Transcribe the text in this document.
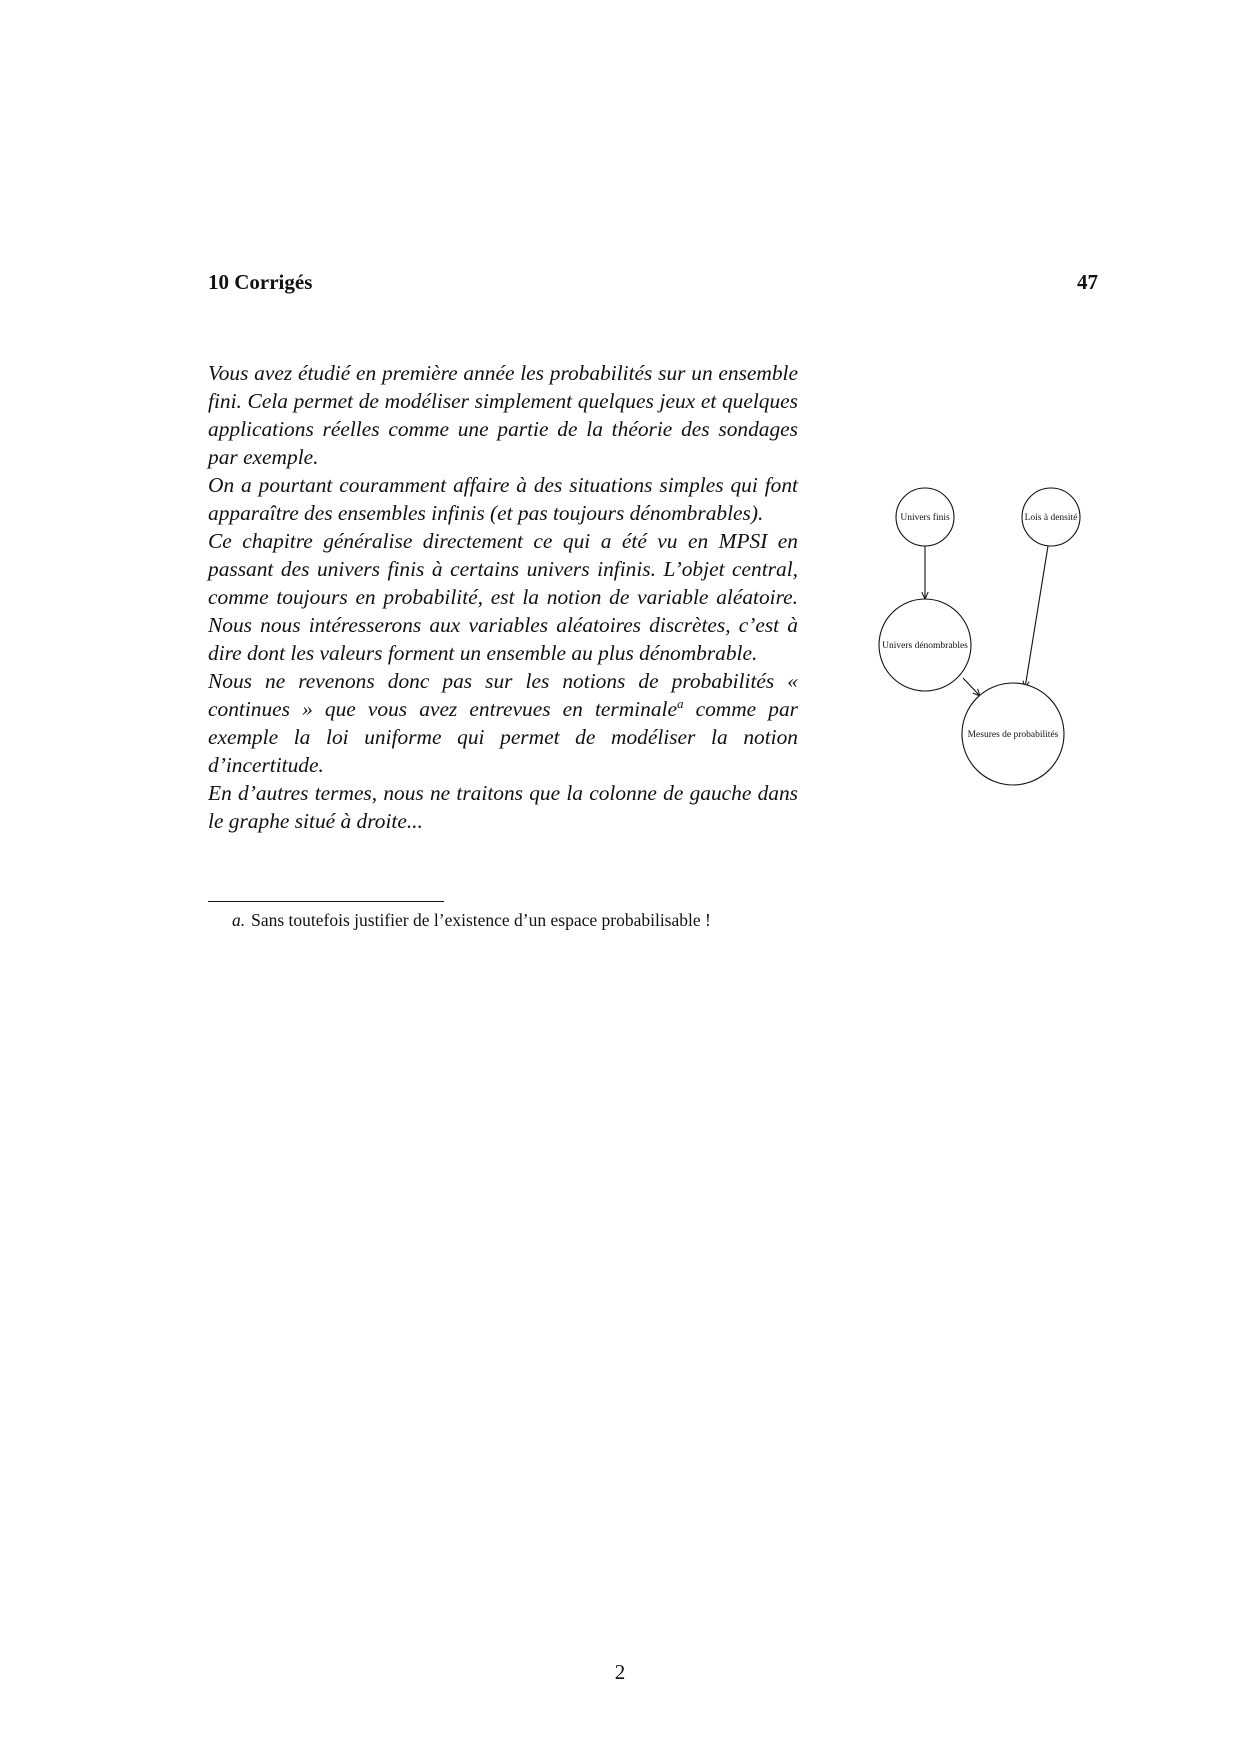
10 Corrigés	47

Vous avez étudié en première année les probabilités sur un ensemble fini. Cela permet de modéliser simplement quelques jeux et quelques applications réelles comme une partie de la théorie des sondages par exemple.

On a pourtant couramment affaire à des situations simples qui font apparaître des ensembles infinis (et pas toujours dénombrables).

Ce chapitre généralise directement ce qui a été vu en MPSI en passant des univers finis à certains univers infinis. L’objet central, comme toujours en probabilité, est la notion de variable aléatoire. Nous nous intéresserons aux variables aléatoires discrètes, c’est à dire dont les valeurs forment un ensemble au plus dénombrable.

Nous ne revenons donc pas sur les notions de probabilités « continues » que vous avez entrevues en terminale$^a$ comme par exemple la loi uniforme qui permet de modéliser la notion d’incertitude.

En d’autres termes, nous ne traitons que la colonne de gauche dans le graphe situé à droite...

a. Sans toutefois justifier de l’existence d’un espace probabilisable !
Univers finis	Lois à densité
Univers dénombrables
Mesures de probabilités
2
